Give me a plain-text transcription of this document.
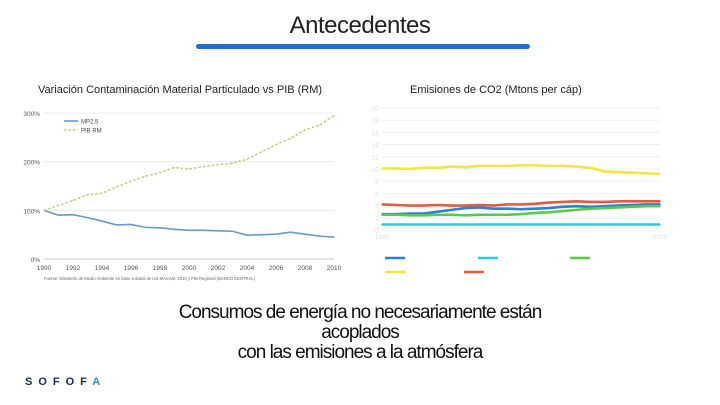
Antecedentes
Variación Contaminación Material Particulado vs PIB (RM)	Emisiones de CO2 (Mtons per cáp)
0%
100%
200%
300%
1990 1992 1994 1996 1998 2000 2002 2004 2006 2008 2010
MP2,5
PIB RM
Fuente: Ministerio de Medio Ambiente en base a datos de red MACAM, 2010 y PIB Regional (BANCO CENTRAL)
0
2
4
6
8
10
12
14
16
18
20
1990	2010
Consumos de energía no necesariamente están
acoplados
con las emisiones a la atmósfera
SOFOFA
